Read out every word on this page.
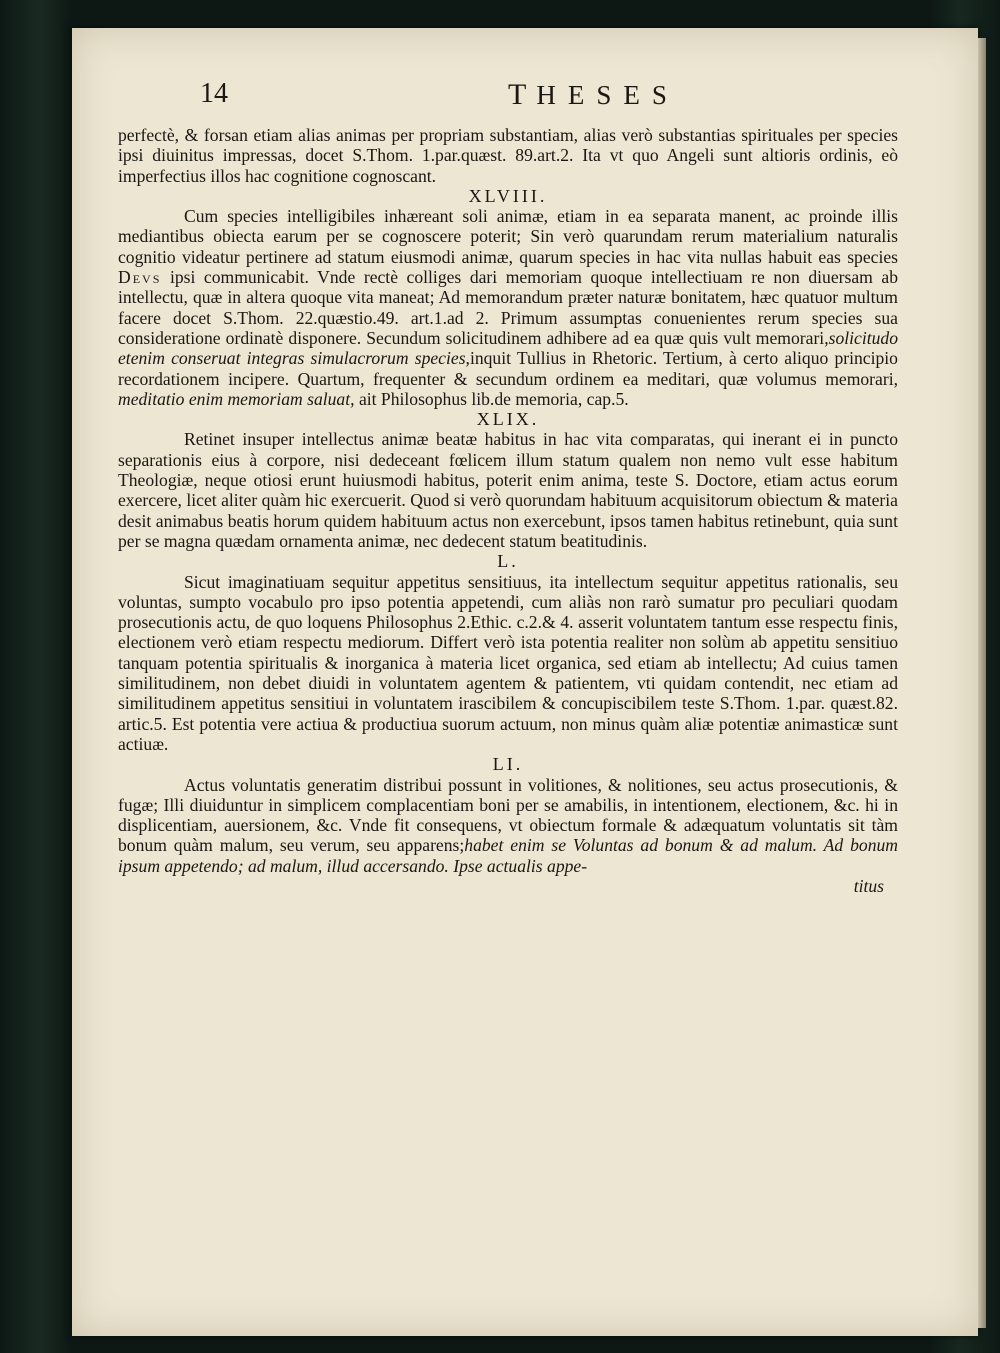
14	THESES

perfectè, & forsan etiam alias animas per propriam substantiam, alias verò substantias spirituales per species ipsi diuinitus impressas, docet S.Thom. 1.par.quæst. 89.art.2. Ita vt quo Angeli sunt altioris ordinis, eò imperfectius illos hac cognitione cognoscant.

XLVIII.

Cum species intelligibiles inhæreant soli animæ, etiam in ea separata manent, ac proinde illis mediantibus obiecta earum per se cognoscere poterit; Sin verò quarundam rerum materialium naturalis cognitio videatur pertinere ad statum eiusmodi animæ, quarum species in hac vita nullas habuit eas species Devs ipsi communicabit. Vnde rectè colliges dari memoriam quoque intellectiuam re non diuersam ab intellectu, quæ in altera quoque vita maneat; Ad memorandum præter naturæ bonitatem, hæc quatuor multum facere docet S.Thom. 22.quæstio.49. art.1.ad 2. Primum assumptas conuenientes rerum species sua consideratione ordinatè disponere. Secundum solicitudinem adhibere ad ea quæ quis vult memorari,solicitudo etenim conseruat integras simulacrorum species,inquit Tullius in Rhetoric. Tertium, à certo aliquo principio recordationem incipere. Quartum, frequenter & secundum ordinem ea meditari, quæ volumus memorari, meditatio enim memoriam saluat, ait Philosophus lib.de memoria, cap.5.

XLIX.

Retinet insuper intellectus animæ beatæ habitus in hac vita comparatas, qui inerant ei in puncto separationis eius à corpore, nisi dedeceant fœlicem illum statum qualem non nemo vult esse habitum Theologiæ, neque otiosi erunt huiusmodi habitus, poterit enim anima, teste S. Doctore, etiam actus eorum exercere, licet aliter quàm hic exercuerit. Quod si verò quorundam habituum acquisitorum obiectum & materia desit animabus beatis horum quidem habituum actus non exercebunt, ipsos tamen habitus retinebunt, quia sunt per se magna quædam ornamenta animæ, nec dedecent statum beatitudinis.

L.

Sicut imaginatiuam sequitur appetitus sensitiuus, ita intellectum sequitur appetitus rationalis, seu voluntas, sumpto vocabulo pro ipso potentia appetendi, cum aliàs non rarò sumatur pro peculiari quodam prosecutionis actu, de quo loquens Philosophus 2.Ethic. c.2.& 4. asserit voluntatem tantum esse respectu finis, electionem verò etiam respectu mediorum. Differt verò ista potentia realiter non solùm ab appetitu sensitiuo tanquam potentia spiritualis & inorganica à materia licet organica, sed etiam ab intellectu; Ad cuius tamen similitudinem, non debet diuidi in voluntatem agentem & patientem, vti quidam contendit, nec etiam ad similitudinem appetitus sensitiui in voluntatem irascibilem & concupiscibilem teste S.Thom. 1.par. quæst.82. artic.5. Est potentia vere actiua & productiua suorum actuum, non minus quàm aliæ potentiæ animasticæ sunt actiuæ.

LI.

Actus voluntatis generatim distribui possunt in volitiones, & nolitiones, seu actus prosecutionis, & fugæ; Illi diuiduntur in simplicem complacentiam boni per se amabilis, in intentionem, electionem, &c. hi in displicentiam, auersionem, &c. Vnde fit consequens, vt obiectum formale & adæquatum voluntatis sit tàm bonum quàm malum, seu verum, seu apparens;habet enim se Voluntas ad bonum & ad malum. Ad bonum ipsum appetendo; ad malum, illud accersando. Ipse actualis appe-

titus
